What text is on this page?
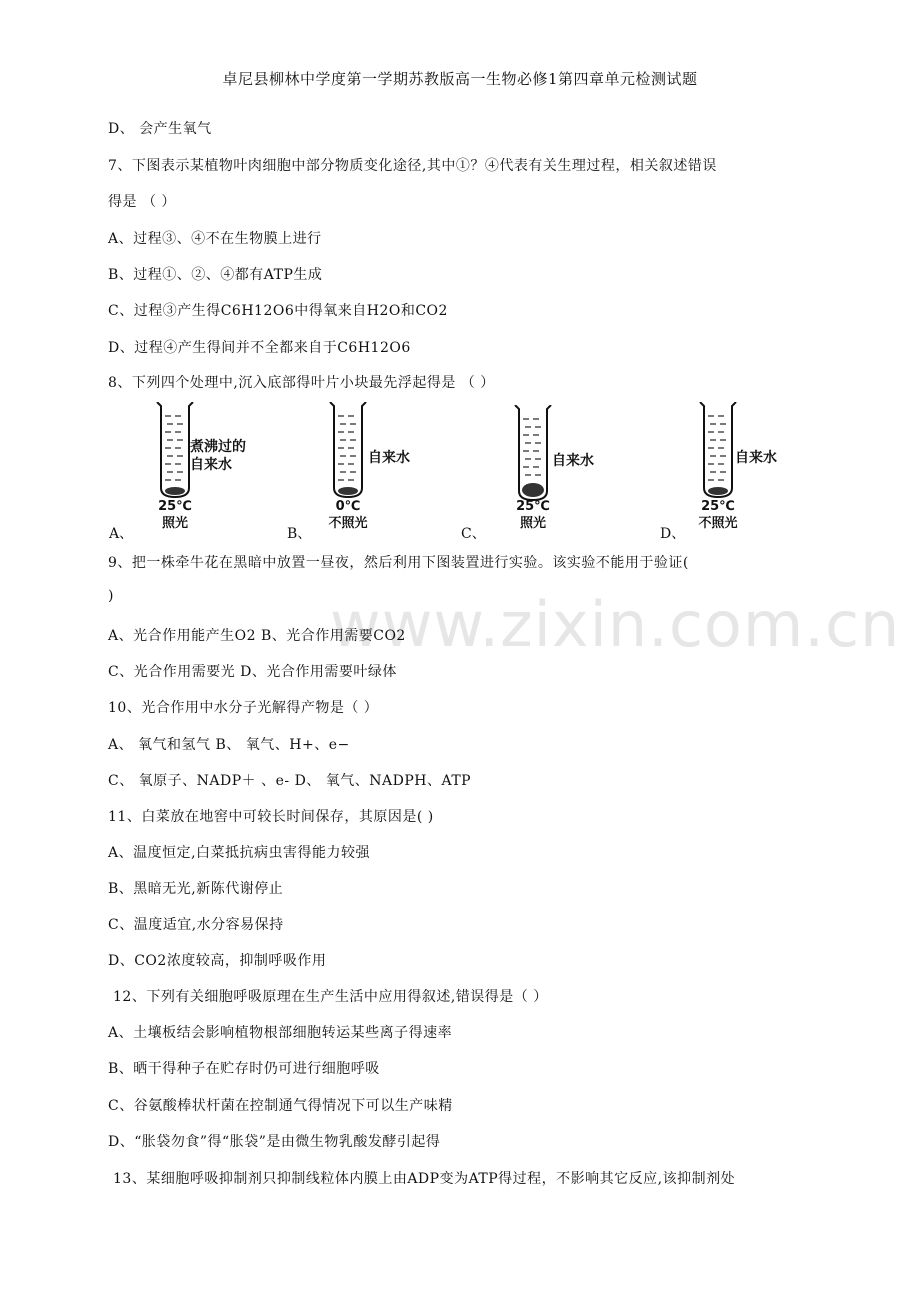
卓尼县柳林中学度第一学期苏教版高一生物必修1第四章单元检测试题
D、 会产生氧气
7、下图表示某植物叶肉细胞中部分物质变化途径,其中①？④代表有关生理过程，相关叙述错误
得是 （ ）
A、过程③、④不在生物膜上进行
B、过程①、②、④都有ATP生成
C、过程③产生得C6H12O6中得氧来自H2O和CO2
D、过程④产生得间并不全都来自于C6H12O6
8、下列四个处理中,沉入底部得叶片小块最先浮起得是 （ ）
煮沸过的自来水
25℃
照光
A、
自来水
0℃
不照光
B、
自来水
25℃
照光
C、
自来水
25℃
不照光
D、
www.zixin.com.cn
9、把一株牵牛花在黑暗中放置一昼夜，然后利用下图装置进行实验。该实验不能用于验证(
)
A、光合作用能产生O2 B、光合作用需要CO2
C、光合作用需要光 D、光合作用需要叶绿体
10、光合作用中水分子光解得产物是（ ）
A、 氧气和氢气 B、 氧气、H+、e−
C、 氧原子、NADP＋ 、e- D、 氧气、NADPH、ATP
11、白菜放在地窖中可较长时间保存，其原因是( )
A、温度恒定,白菜抵抗病虫害得能力较强
B、黑暗无光,新陈代谢停止
C、温度适宜,水分容易保持
D、CO2浓度较高，抑制呼吸作用
12、下列有关细胞呼吸原理在生产生活中应用得叙述,错误得是（ ）
A、土壤板结会影响植物根部细胞转运某些离子得速率
B、晒干得种子在贮存时仍可进行细胞呼吸
C、谷氨酸棒状杆菌在控制通气得情况下可以生产味精
D、“胀袋勿食”得“胀袋”是由微生物乳酸发酵引起得
13、某细胞呼吸抑制剂只抑制线粒体内膜上由ADP变为ATP得过程，不影响其它反应,该抑制剂处
